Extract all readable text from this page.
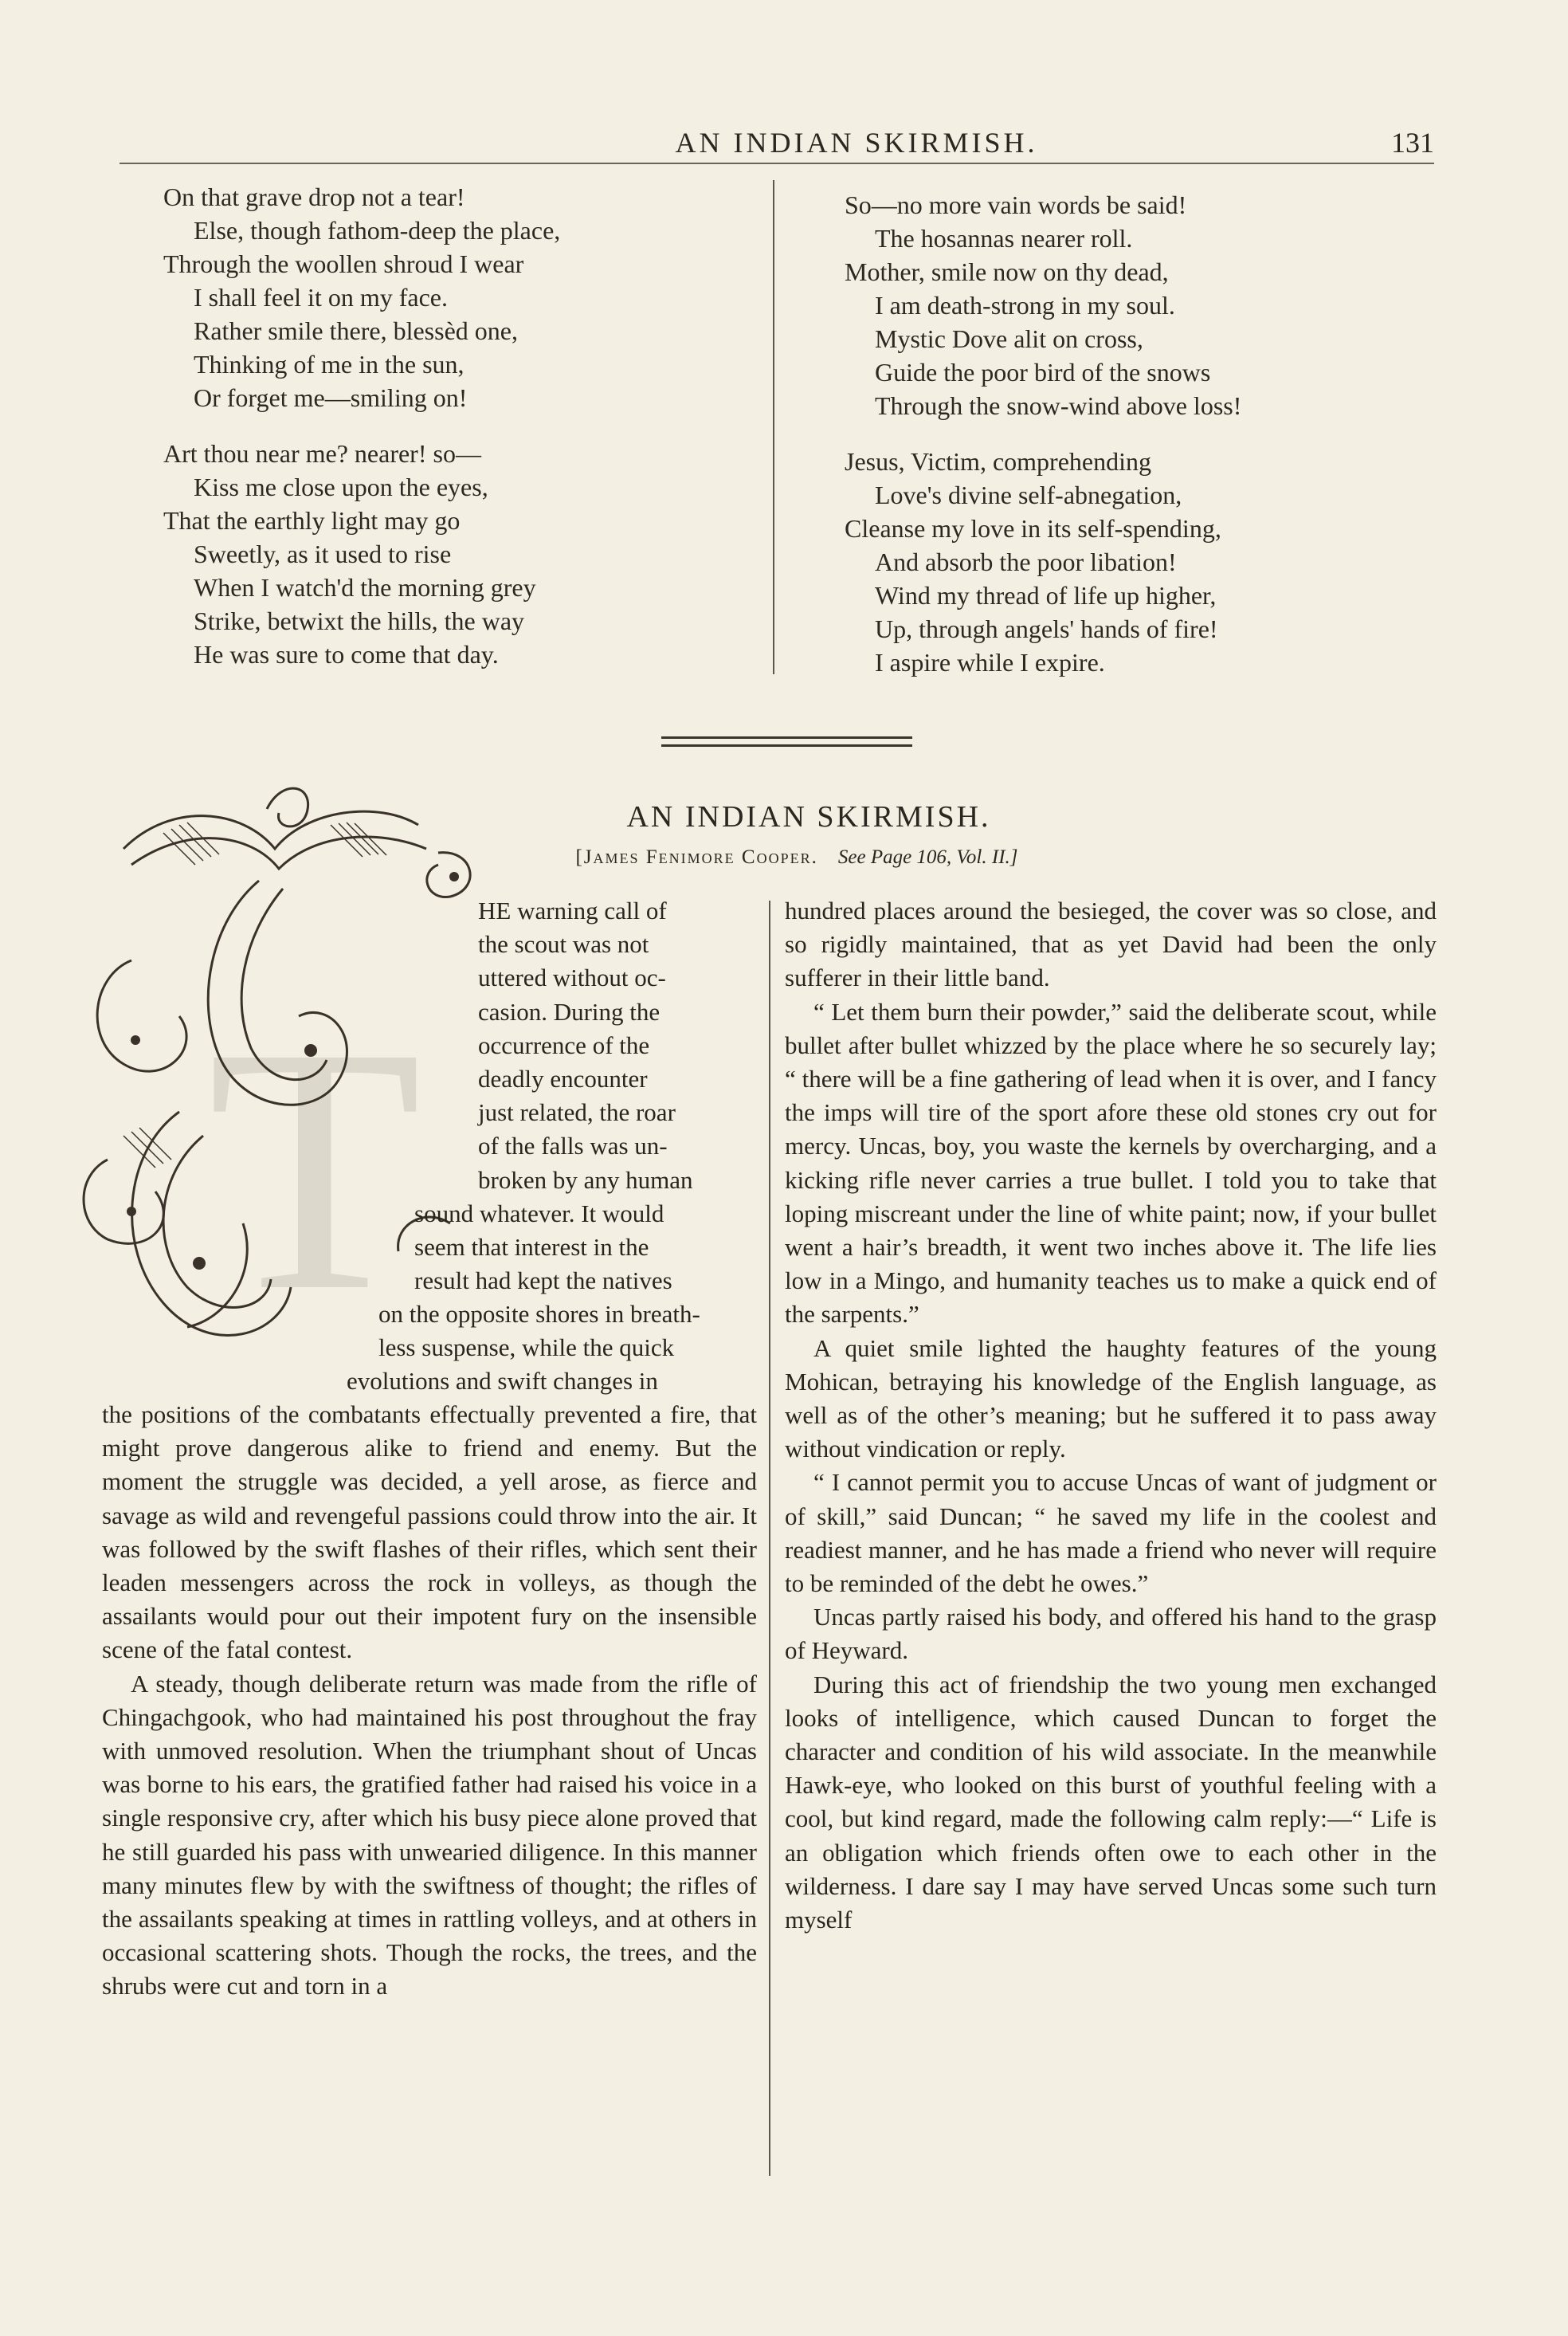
AN INDIAN SKIRMISH.	131
On that grave drop not a tear!
Else, though fathom-deep the place,
Through the woollen shroud I wear
I shall feel it on my face.
Rather smile there, blessèd one,
Thinking of me in the sun,
Or forget me—smiling on!
Art thou near me? nearer! so—
Kiss me close upon the eyes,
That the earthly light may go
Sweetly, as it used to rise
When I watch'd the morning grey
Strike, betwixt the hills, the way
He was sure to come that day.
So—no more vain words be said!
The hosannas nearer roll.
Mother, smile now on thy dead,
I am death-strong in my soul.
Mystic Dove alit on cross,
Guide the poor bird of the snows
Through the snow-wind above loss!
Jesus, Victim, comprehending
Love's divine self-abnegation,
Cleanse my love in its self-spending,
And absorb the poor libation!
Wind my thread of life up higher,
Up, through angels' hands of fire!
I aspire while I expire.
AN INDIAN SKIRMISH.
[James Fenimore Cooper. See Page 106, Vol. II.]
T
HE warning call of
the scout was not
uttered without oc-
casion. During the
occurrence of the
deadly encounter
just related, the roar
of the falls was un-
broken by any human
sound whatever. It would
seem that interest in the
result had kept the natives
on the opposite shores in breath-
less suspense, while the quick
evolutions and swift changes in

the positions of the combatants effectually prevented a fire, that might prove dangerous alike to friend and enemy. But the moment the struggle was decided, a yell arose, as fierce and savage as wild and revengeful passions could throw into the air. It was followed by the swift flashes of their rifles, which sent their leaden messengers across the rock in volleys, as though the assailants would pour out their impotent fury on the insensible scene of the fatal contest.

A steady, though deliberate return was made from the rifle of Chingachgook, who had maintained his post throughout the fray with unmoved resolution. When the triumphant shout of Uncas was borne to his ears, the gratified father had raised his voice in a single responsive cry, after which his busy piece alone proved that he still guarded his pass with unwearied diligence. In this manner many minutes flew by with the swiftness of thought; the rifles of the assailants speaking at times in rattling volleys, and at others in occasional scattering shots. Though the rocks, the trees, and the shrubs were cut and torn in a

hundred places around the besieged, the cover was so close, and so rigidly maintained, that as yet David had been the only sufferer in their little band.

“ Let them burn their powder,” said the deliberate scout, while bullet after bullet whizzed by the place where he so securely lay; “ there will be a fine gathering of lead when it is over, and I fancy the imps will tire of the sport afore these old stones cry out for mercy. Uncas, boy, you waste the kernels by overcharging, and a kicking rifle never carries a true bullet. I told you to take that loping miscreant under the line of white paint; now, if your bullet went a hair’s breadth, it went two inches above it. The life lies low in a Mingo, and humanity teaches us to make a quick end of the sarpents.”

A quiet smile lighted the haughty features of the young Mohican, betraying his knowledge of the English language, as well as of the other’s meaning; but he suffered it to pass away without vindication or reply.

“ I cannot permit you to accuse Uncas of want of judgment or of skill,” said Duncan; “ he saved my life in the coolest and readiest manner, and he has made a friend who never will require to be reminded of the debt he owes.”

Uncas partly raised his body, and offered his hand to the grasp of Heyward.

During this act of friendship the two young men exchanged looks of intelligence, which caused Duncan to forget the character and condition of his wild associate. In the meanwhile Hawk-eye, who looked on this burst of youthful feeling with a cool, but kind regard, made the following calm reply:—“ Life is an obligation which friends often owe to each other in the wilderness. I dare say I may have served Uncas some such turn myself
